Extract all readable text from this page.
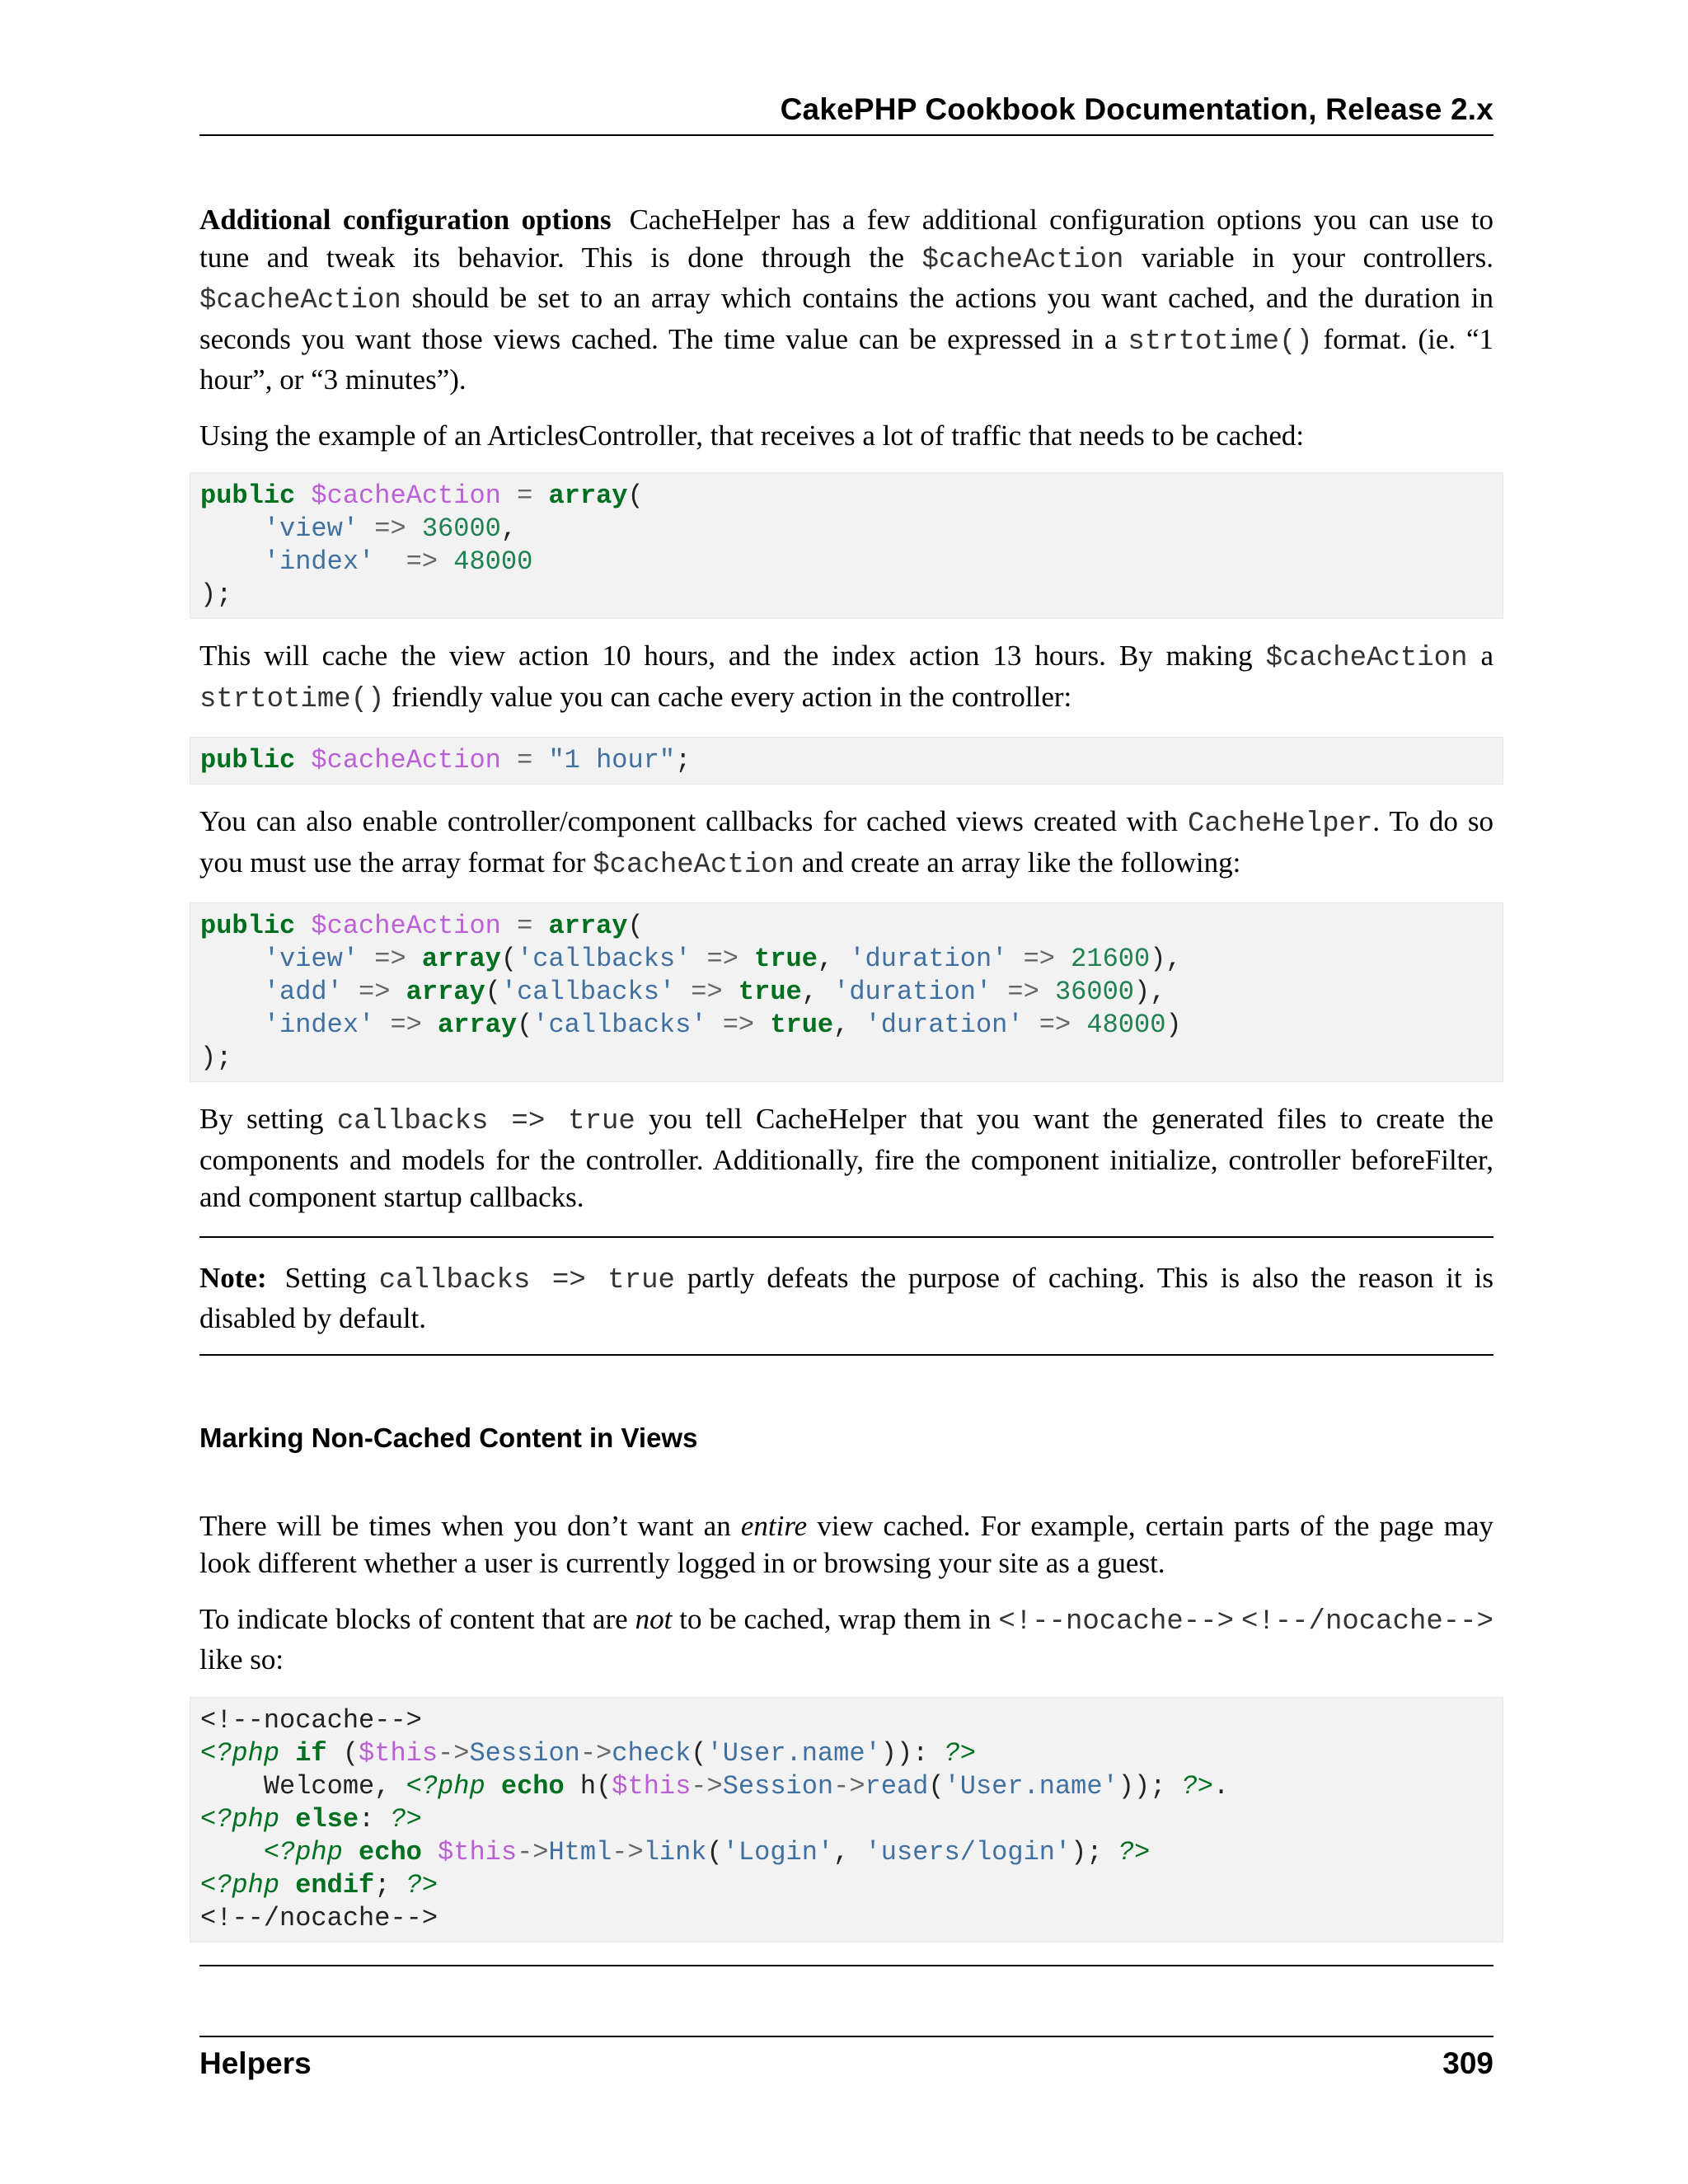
CakePHP Cookbook Documentation, Release 2.x

Additional configuration options CacheHelper has a few additional configuration options you can use to tune and tweak its behavior. This is done through the $cacheAction variable in your controllers. $cacheAction should be set to an array which contains the actions you want cached, and the duration in seconds you want those views cached. The time value can be expressed in a strtotime() format. (ie. “1 hour”, or “3 minutes”).

Using the example of an ArticlesController, that receives a lot of traffic that needs to be cached:

public $cacheAction = array(
'view' => 36000,
'index' => 48000
);

This will cache the view action 10 hours, and the index action 13 hours. By making $cacheAction a strtotime() friendly value you can cache every action in the controller:

public $cacheAction = "1 hour";

You can also enable controller/component callbacks for cached views created with CacheHelper. To do so you must use the array format for $cacheAction and create an array like the following:

public $cacheAction = array(
'view' => array('callbacks' => true, 'duration' => 21600),
'add' => array('callbacks' => true, 'duration' => 36000),
'index' => array('callbacks' => true, 'duration' => 48000)
);

By setting callbacks => true you tell CacheHelper that you want the generated files to create the components and models for the controller. Additionally, fire the component initialize, controller beforeFilter, and component startup callbacks.

Note: Setting callbacks => true partly defeats the purpose of caching. This is also the reason it is disabled by default.

Marking Non-Cached Content in Views

There will be times when you don’t want an entire view cached. For example, certain parts of the page may look different whether a user is currently logged in or browsing your site as a guest.

To indicate blocks of content that are not to be cached, wrap them in <!--nocache--> <!--/nocache--> like so:

<!--nocache-->
<?php if ($this->Session->check('User.name')): ?>
Welcome, <?php echo h($this->Session->read('User.name')); ?>.
<?php else: ?>
<?php echo $this->Html->link('Login', 'users/login'); ?>
<?php endif; ?>
<!--/nocache-->
Helpers	309
